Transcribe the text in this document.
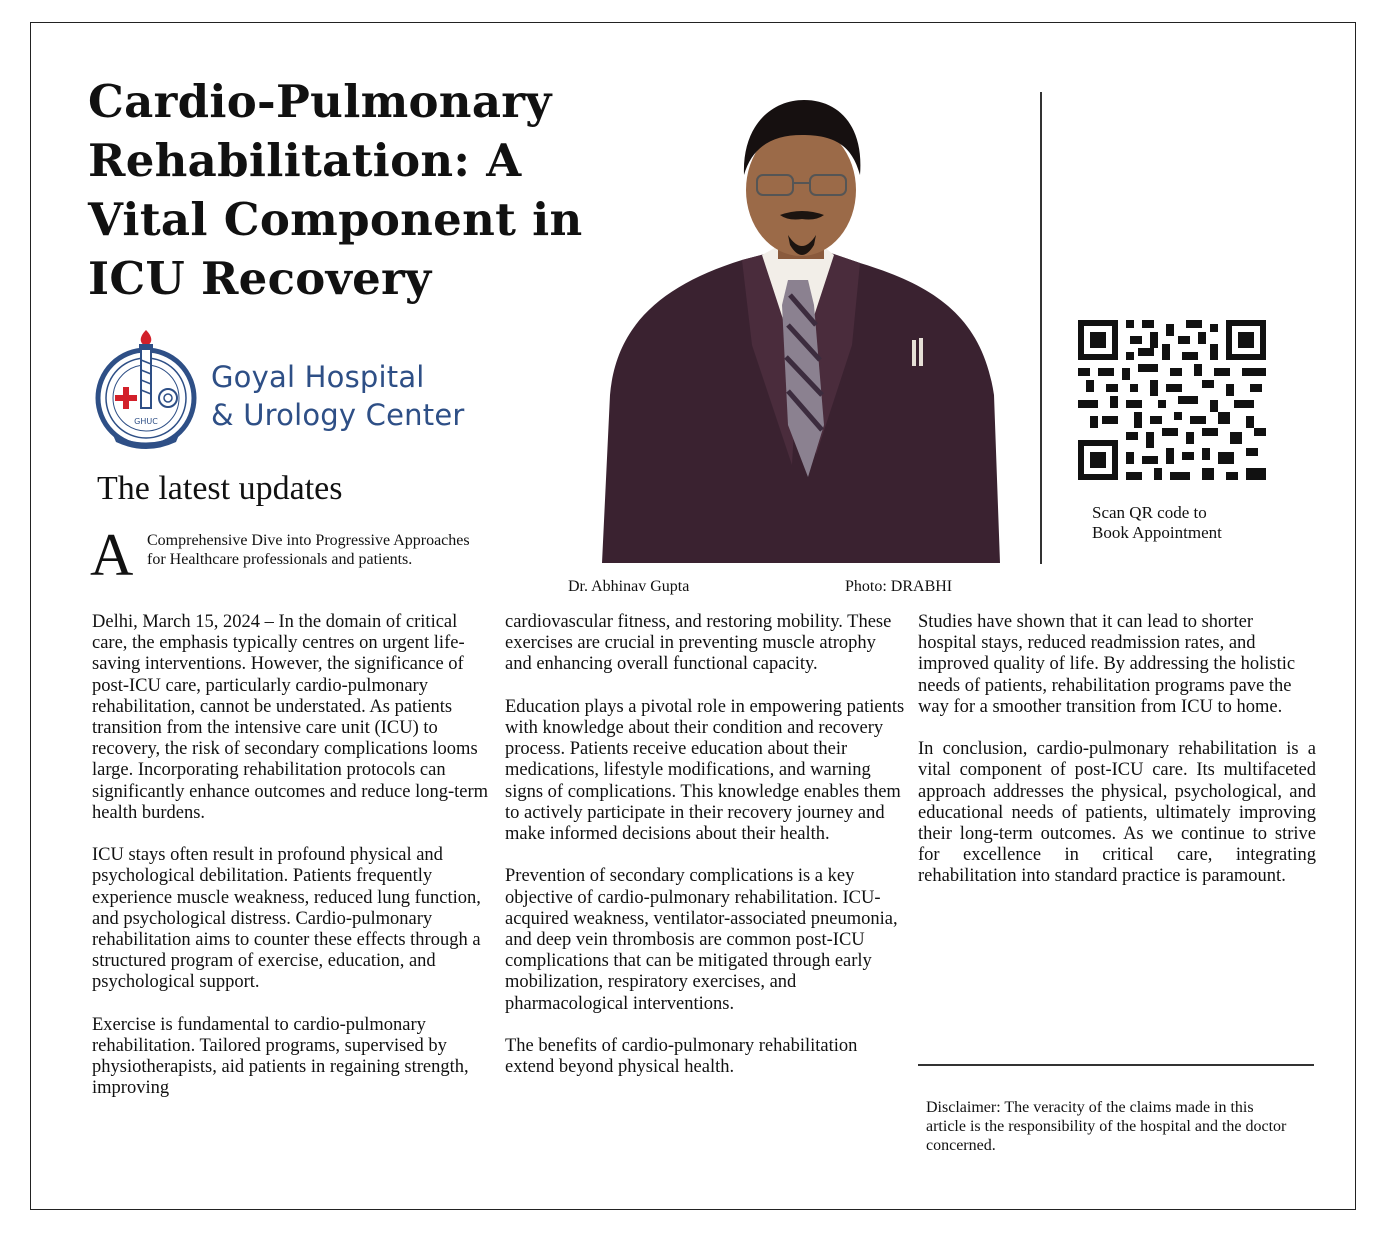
Cardio-Pulmonary
Rehabilitation: A
Vital Component in
ICU Recovery
GHUC
Goyal Hospital
& Urology Center
The latest updates
A Comprehensive Dive into Progressive Approaches for Healthcare professionals and patients.
Dr. Abhinav Gupta	Photo: DRABHI
Scan QR code to
Book Appointment

Delhi, March 15, 2024 – In the domain of critical care, the emphasis typically centres on urgent life-saving interventions. However, the significance of post-ICU care, particularly cardio-pulmonary rehabilitation, cannot be understated. As patients transition from the intensive care unit (ICU) to recovery, the risk of secondary complications looms large. Incorporating rehabilitation protocols can significantly enhance outcomes and reduce long-term health burdens.

ICU stays often result in profound physical and psychological debilitation. Patients frequently experience muscle weakness, reduced lung function, and psychological distress. Cardio-pulmonary rehabilitation aims to counter these effects through a structured program of exercise, education, and psychological support.

Exercise is fundamental to cardio-pulmonary rehabilitation. Tailored programs, supervised by physiotherapists, aid patients in regaining strength, improving

cardiovascular fitness, and restoring mobility. These exercises are crucial in preventing muscle atrophy and enhancing overall functional capacity.

Education plays a pivotal role in empowering patients with knowledge about their condition and recovery process. Patients receive education about their medications, lifestyle modifications, and warning signs of complications. This knowledge enables them to actively participate in their recovery journey and make informed decisions about their health.

Prevention of secondary complications is a key objective of cardio-pulmonary rehabilitation. ICU-acquired weakness, ventilator-associated pneumonia, and deep vein thrombosis are common post-ICU complications that can be mitigated through early mobilization, respiratory exercises, and pharmacological interventions.

The benefits of cardio-pulmonary rehabilitation extend beyond physical health.

Studies have shown that it can lead to shorter hospital stays, reduced readmission rates, and improved quality of life. By addressing the holistic needs of patients, rehabilitation programs pave the way for a smoother transition from ICU to home.

In conclusion, cardio-pulmonary rehabilitation is a vital component of post-ICU care. Its multifaceted approach addresses the physical, psychological, and educational needs of patients, ultimately improving their long-term outcomes. As we continue to strive for excellence in critical care, integrating rehabilitation into standard practice is paramount.

Disclaimer: The veracity of the claims made in this article is the responsibility of the hospital and the doctor concerned.
